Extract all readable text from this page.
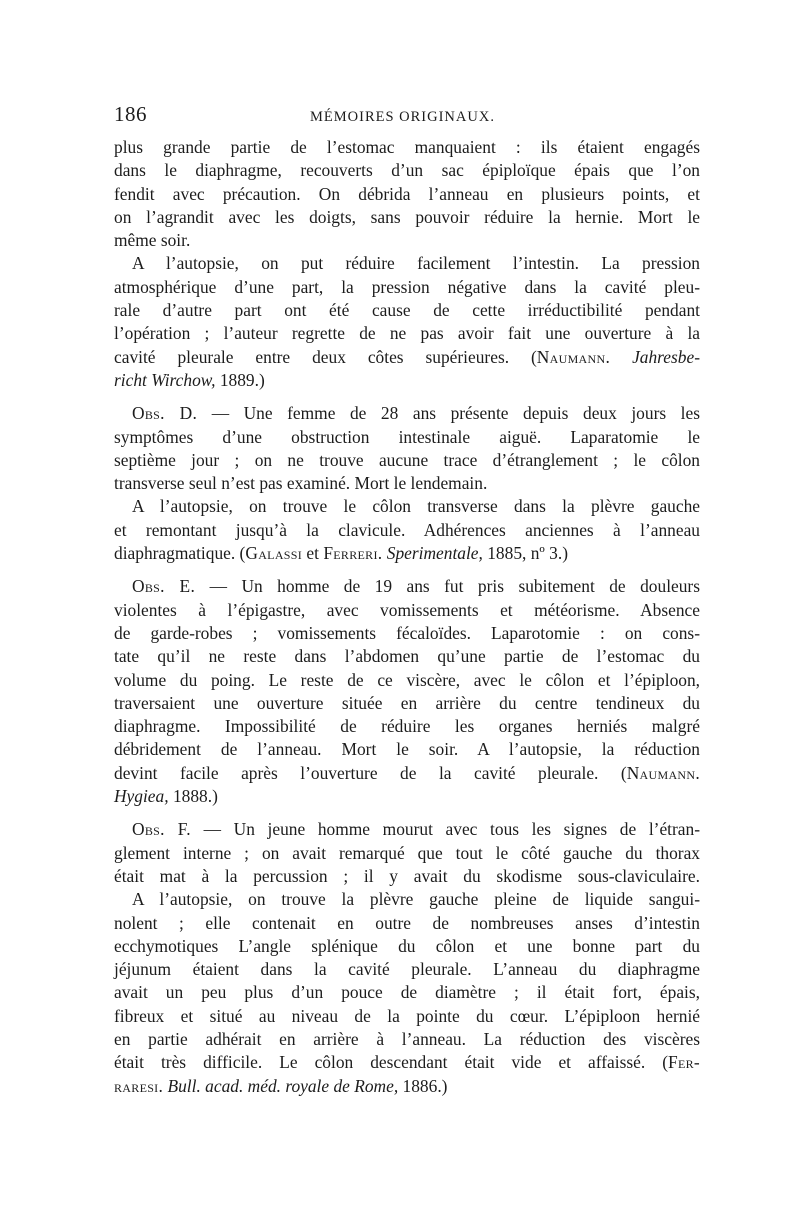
186	MÉMOIRES ORIGINAUX.
plus grande partie de l’estomac manquaient : ils étaient engagés
dans le diaphragme, recouverts d’un sac épiploïque épais que l’on
fendit avec précaution. On débrida l’anneau en plusieurs points, et
on l’agrandit avec les doigts, sans pouvoir réduire la hernie. Mort le
même soir.
A l’autopsie, on put réduire facilement l’intestin. La pression
atmosphérique d’une part, la pression négative dans la cavité pleu-
rale d’autre part ont été cause de cette irréductibilité pendant
l’opération ; l’auteur regrette de ne pas avoir fait une ouverture à la
cavité pleurale entre deux côtes supérieures. (Naumann. Jahresbe-
richt Wirchow, 1889.)
Obs. D. — Une femme de 28 ans présente depuis deux jours les
symptômes d’une obstruction intestinale aiguë. Laparatomie le
septième jour ; on ne trouve aucune trace d’étranglement ; le côlon
transverse seul n’est pas examiné. Mort le lendemain.
A l’autopsie, on trouve le côlon transverse dans la plèvre gauche
et remontant jusqu’à la clavicule. Adhérences anciennes à l’anneau
diaphragmatique. (Galassi et Ferreri. Sperimentale, 1885, nº 3.)
Obs. E. — Un homme de 19 ans fut pris subitement de douleurs
violentes à l’épigastre, avec vomissements et météorisme. Absence
de garde-robes ; vomissements fécaloïdes. Laparotomie : on cons-
tate qu’il ne reste dans l’abdomen qu’une partie de l’estomac du
volume du poing. Le reste de ce viscère, avec le côlon et l’épiploon,
traversaient une ouverture située en arrière du centre tendineux du
diaphragme. Impossibilité de réduire les organes herniés malgré
débridement de l’anneau. Mort le soir. A l’autopsie, la réduction
devint facile après l’ouverture de la cavité pleurale. (Naumann.
Hygiea, 1888.)
Obs. F. — Un jeune homme mourut avec tous les signes de l’étran-
glement interne ; on avait remarqué que tout le côté gauche du thorax
était mat à la percussion ; il y avait du skodisme sous-claviculaire.
A l’autopsie, on trouve la plèvre gauche pleine de liquide sangui-
nolent ; elle contenait en outre de nombreuses anses d’intestin
ecchymotiques L’angle splénique du côlon et une bonne part du
jéjunum étaient dans la cavité pleurale. L’anneau du diaphragme
avait un peu plus d’un pouce de diamètre ; il était fort, épais,
fibreux et situé au niveau de la pointe du cœur. L’épiploon hernié
en partie adhérait en arrière à l’anneau. La réduction des viscères
était très difficile. Le côlon descendant était vide et affaissé. (Fer-
raresi. Bull. acad. méd. royale de Rome, 1886.)
